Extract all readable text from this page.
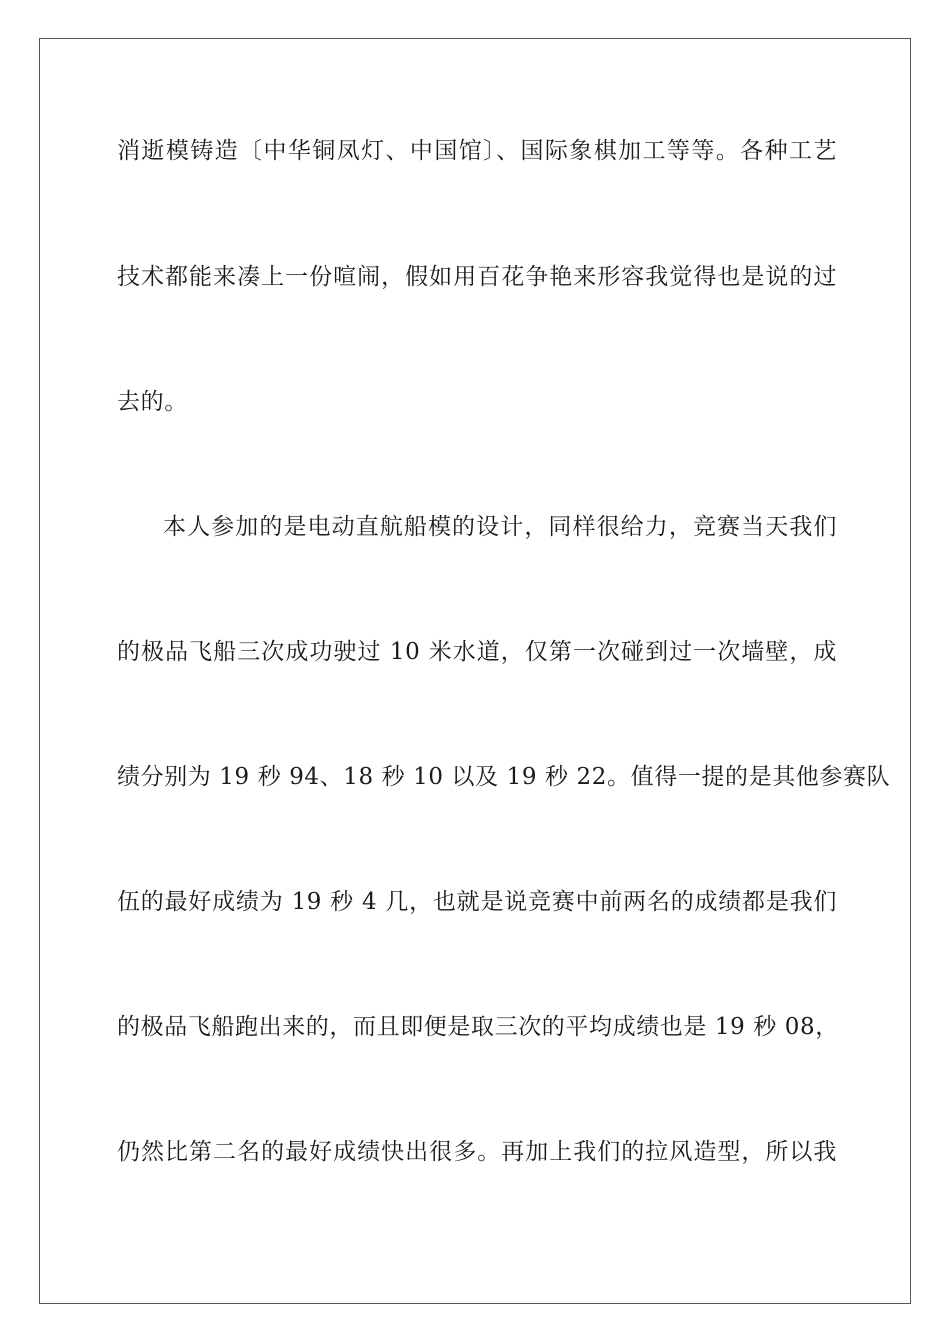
消逝模铸造〔中华铜凤灯、中国馆〕、国际象棋加工等等。各种工艺
技术都能来凑上一份喧闹，假如用百花争艳来形容我觉得也是说的过
去的。
本人参加的是电动直航船模的设计，同样很给力，竞赛当天我们
的极品飞船三次成功驶过 10 米水道，仅第一次碰到过一次墙壁，成
绩分别为 19 秒 94、18 秒 10 以及 19 秒 22。值得一提的是其他参赛队
伍的最好成绩为 19 秒 4 几，也就是说竞赛中前两名的成绩都是我们
的极品飞船跑出来的，而且即便是取三次的平均成绩也是 19 秒 08，
仍然比第二名的最好成绩快出很多。再加上我们的拉风造型，所以我
